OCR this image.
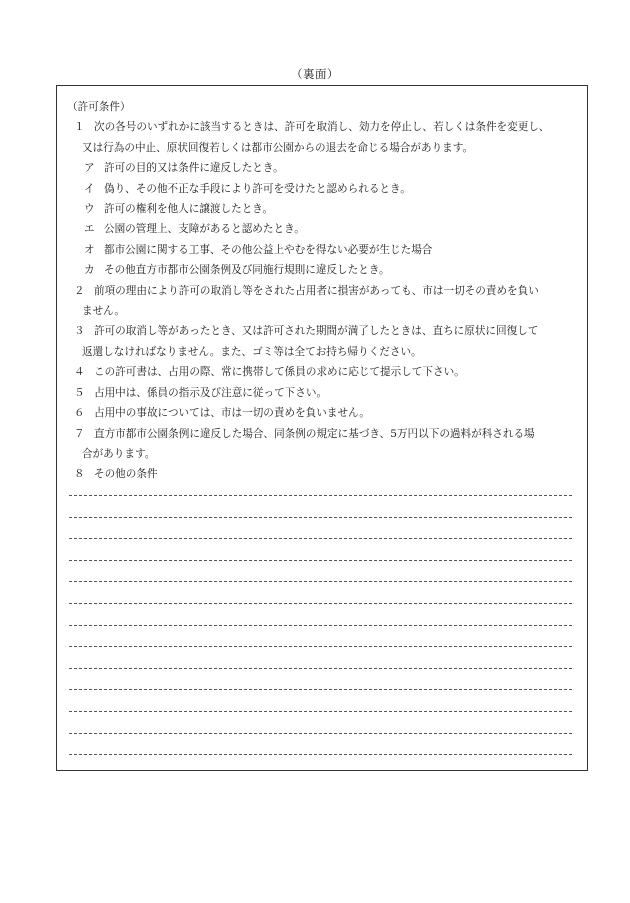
（裏面）
（許可条件）
１ 次の各号のいずれかに該当するときは、許可を取消し、効力を停止し、若しくは条件を変更し、
又は行為の中止、原状回復若しくは都市公園からの退去を命じる場合があります。
ア 許可の目的又は条件に違反したとき。
イ 偽り、その他不正な手段により許可を受けたと認められるとき。
ウ 許可の権利を他人に譲渡したとき。
エ 公園の管理上、支障があると認めたとき。
オ 都市公園に関する工事、その他公益上やむを得ない必要が生じた場合
カ その他直方市都市公園条例及び同施行規則に違反したとき。
２ 前項の理由により許可の取消し等をされた占用者に損害があっても、市は一切その責めを負い
ません。
３ 許可の取消し等があったとき、又は許可された期間が満了したときは、直ちに原状に回復して
返還しなければなりません。また、ゴミ等は全てお持ち帰りください。
４ この許可書は、占用の際、常に携帯して係員の求めに応じて提示して下さい。
５ 占用中は、係員の指示及び注意に従って下さい。
６ 占用中の事故については、市は一切の責めを負いません。
７ 直方市都市公園条例に違反した場合、同条例の規定に基づき、5万円以下の過料が科される場
合があります。
８ その他の条件
